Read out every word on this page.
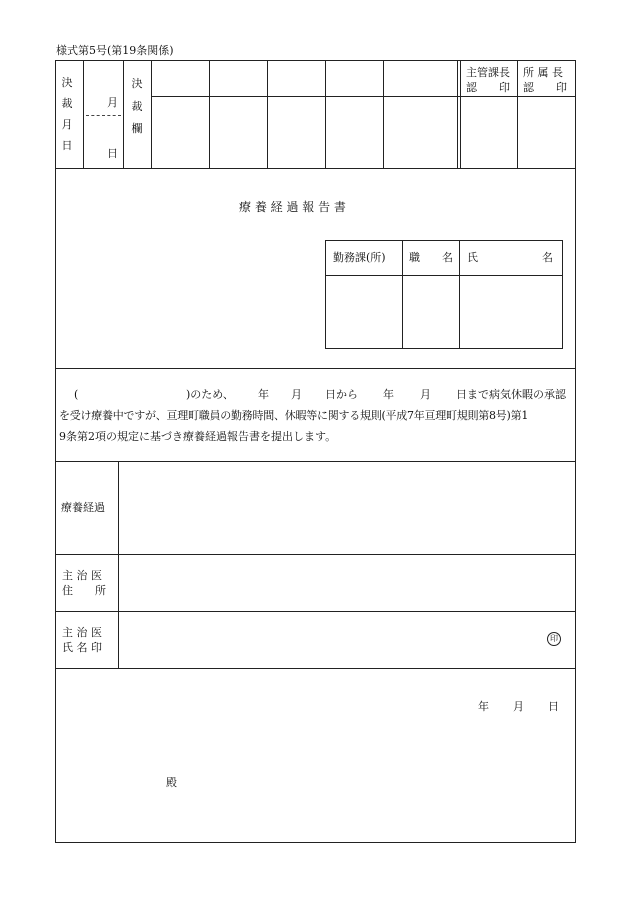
様式第5号(第19条関係)
決
裁
月
日
月
日
決
裁
欄
主管課長
認　　印
所 属 長
認　　印
療 養 経 過 報 告 書
勤務課(所) 職　　名 氏	名
(	)のため、 年 月 日から 年 月 日まで病気休暇の承認
を受け療養中ですが、亘理町職員の勤務時間、休暇等に関する規則(平成7年亘理町規則第8号)第1
9条第2項の規定に基づき療養経過報告書を提出します。
療養経過
主 治 医
住　　所
主 治 医
氏 名 印
印
年 月 日
殿
